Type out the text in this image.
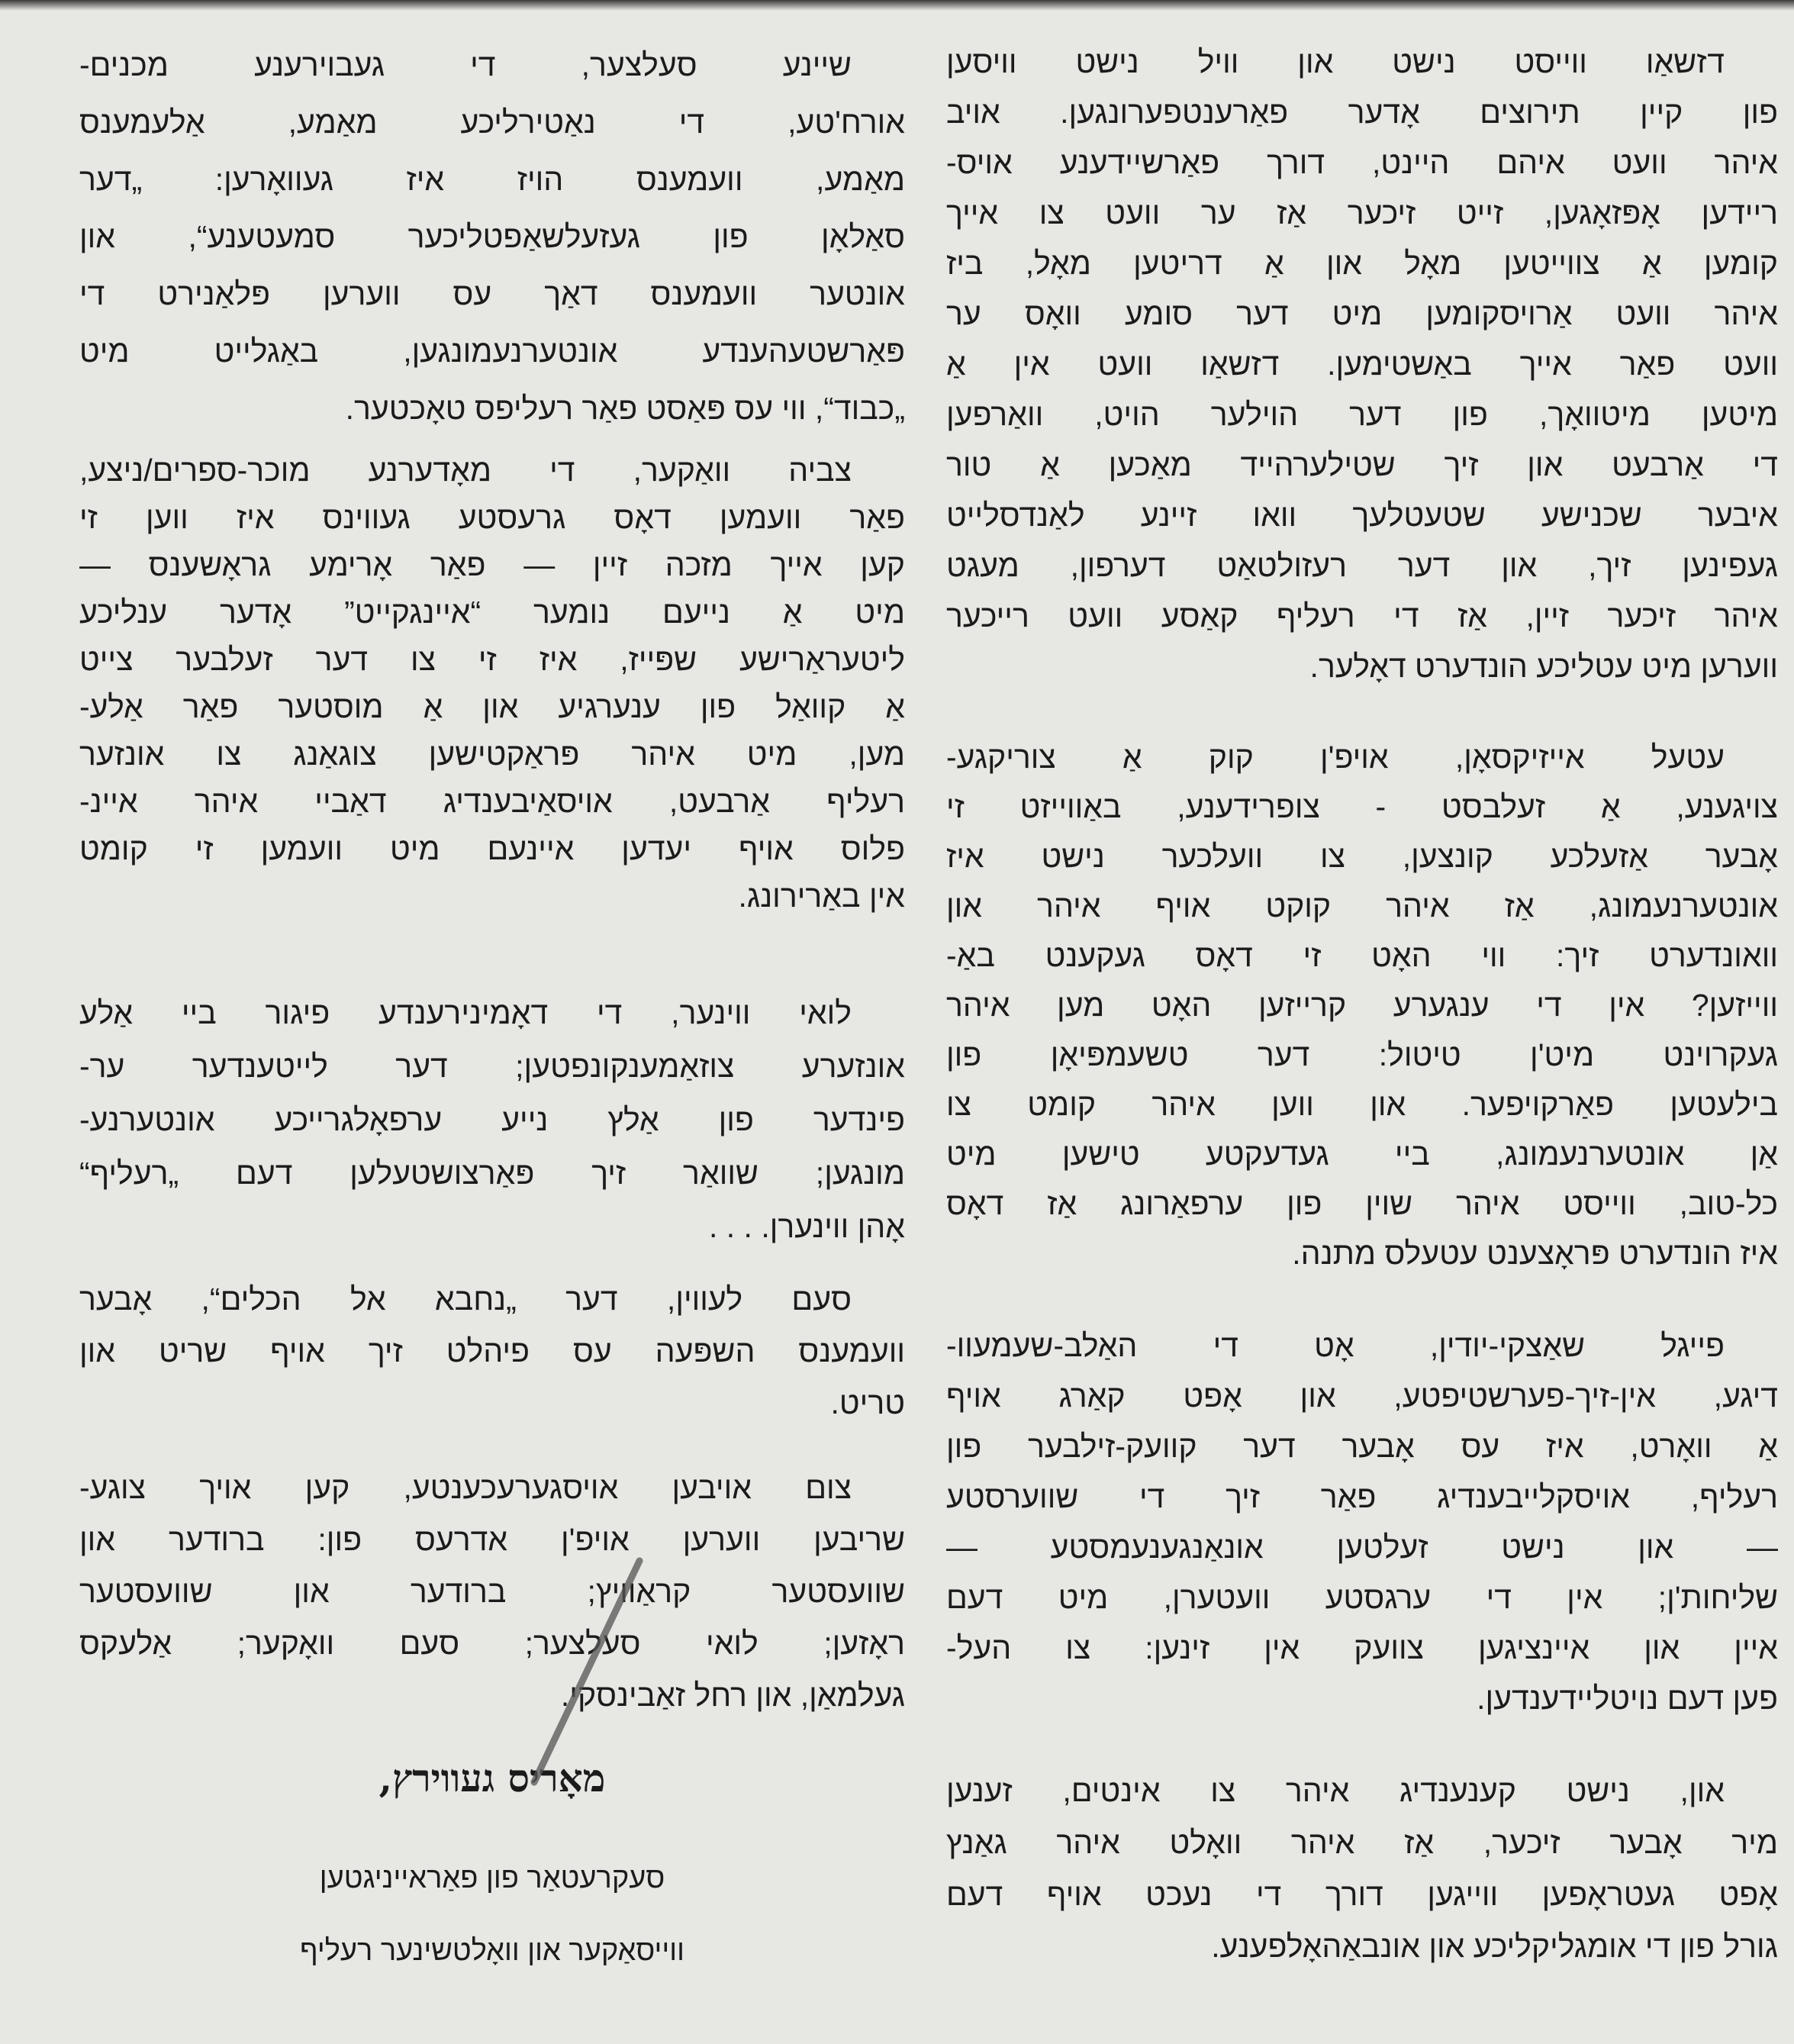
דזשאַו ווייסט נישט און וויל נישט וויסען
פון קיין תירוצים אָדער פאַרענטפערונגען. אויב
איהר וועט איהם היינט, דורך פאַרשיידענע אויס-
ריידען אָפּזאָגען, זייט זיכער אַז ער וועט צו אייך
קומען אַ צווייטען מאָל און אַ דריטען מאָל, ביז
איהר וועט אַרויסקומען מיט דער סומע וואָס ער
וועט פאַר אייך באַשטימען. דזשאַו וועט אין אַ
מיטען מיטוואָך, פון דער הוילער הויט, וואַרפען
די אַרבעט און זיך שטילערהייד מאַכען אַ טור
איבער שכנישע שטעטלעך וואו זיינע לאַנדסלייט
געפינען זיך, און דער רעזולטאַט דערפון, מעגט
איהר זיכער זיין, אַז די רעליף קאַסע וועט רייכער
ווערען מיט עטליכע הונדערט דאָלער.
עטעל אייזיקסאָן, אויפ'ן קוק אַ צוריקגע-
צויגענע, אַ זעלבסט - צופרידענע, באַווייזט זי
אָבער אַזעלכע קונצען, צו וועלכער נישט איז
אונטערנעמונג, אַז איהר קוקט אויף איהר און
וואונדערט זיך: ווי האָט זי דאָס געקענט באַ-
ווייזען? אין די ענגערע קרייזען האָט מען איהר
געקרוינט מיט'ן טיטול: דער טשעמפּיאָן פון
בילעטען פאַרקויפער. און ווען איהר קומט צו
אַן אונטערנעמונג, ביי געדעקטע טישען מיט
כל-טוב, ווייסט איהר שוין פון ערפאַרונג אַז דאָס
איז הונדערט פּראָצענט עטעלס מתנה.
פייגל שאַצקי-יודין, אָט די האַלב-שעמעוו-
דיגע, אין-זיך-פערשטיפטע, און אָפט קאַרג אויף
אַ וואָרט, איז עס אָבער דער קוועק-זילבער פון
רעליף, אויסקלייבענדיג פאַר זיך די שווערסטע
— און נישט זעלטען אונאַנגענעמסטע —
שליחות'ן; אין די ערגסטע וועטערן, מיט דעם
איין און איינציגען צוועק אין זינען: צו העל-
פען דעם נויטליידענדען.
און, נישט קענענדיג איהר צו אינטים, זענען
מיר אָבער זיכער, אַז איהר וואָלט איהר גאַנץ
אָפט געטראָפען ווייגען דורך די נעכט אויף דעם
גורל פון די אומגליקליכע און אונבאַהאָלפענע.
שיינע סעלצער, די געבוירענע מכנים-
אורח'טע, די נאַטירליכע מאַמע, אַלעמענס
מאַמע, וועמענס הויז איז געוואָרען: „דער
סאַלאָן פון געזעלשאַפטליכער סמעטענע“, און
אונטער וועמענס דאַך עס ווערען פּלאַנירט די
פּאַרשטעהענדע אונטערנעמונגען, באַגלייט מיט
„כבוד“, ווי עס פּאַסט פאַר רעליפס טאָכטער.
צביה וואַקער, די מאָדערנע מוכר-ספרים/ניצע,
פאַר וועמען דאָס גרעסטע געווינס איז ווען זי
קען אייך מזכה זיין — פאַר אָרימע גראָשענס —
מיט אַ נייעם נומער “איינגקייט” אָדער ענליכע
ליטעראַרישע שפּייז, איז זי צו דער זעלבער צייט
אַ קוואַל פון ענערגיע און אַ מוסטער פאַר אַלע-
מען, מיט איהר פּראַקטישען צוגאַנג צו אונזער
רעליף אַרבעט, אויסאַיבענדיג דאַביי איהר איינ-
פלוס אויף יעדען איינעם מיט וועמען זי קומט
אין באַרירונג.
לואי ווינער, די דאָמינירענדע פיגור ביי אַלע
אונזערע צוזאַמענקונפטען; דער לייטענדער ער-
פינדער פון אַלץ נייע ערפאָלגרייכע אונטערנע-
מונגען; שוואַר זיך פּאַרצושטעלען דעם „רעליף“
אָהן ווינערן. . . .
סעם לעווין, דער „נחבא אל הכלים“, אָבער
וועמענס השפּעה עס פיהלט זיך אויף שריט און
טריט.
צום אויבען אויסגערעכענטע, קען אויך צוגע-
שריבען ווערען אויפ'ן אדרעס פון: ברודער און
שוועסטער קראַוויץ; ברודער און שוועסטער
ראָזען; לואי סעלצער; סעם וואָקער; אַלעקס
געלמאַן, און רחל זאַבינסקי.
מאָריס געווירץ,
סעקרעטאַר פון פאַראייניגטען
ווייסאַקער און וואָלטשינער רעליף
